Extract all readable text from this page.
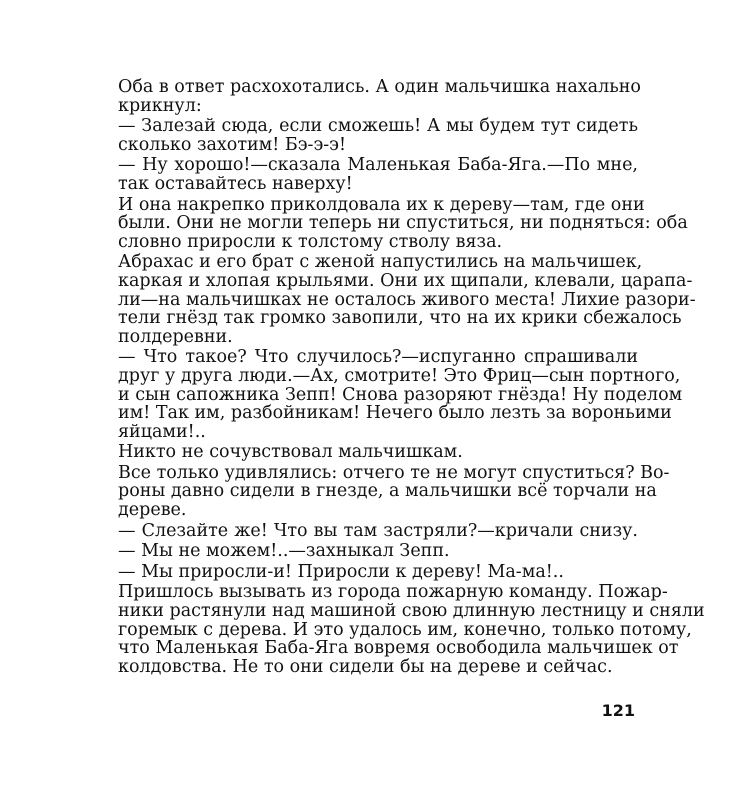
Оба в ответ расхохотались. А один мальчишка нахально
крикнул:
— Залезай сюда, если сможешь! А мы будем тут сидеть
сколько захотим! Бэ-э-э!
— Ну хорошо!—сказала Маленькая Баба-Яга.—По мне,
так оставайтесь наверху!
И она накрепко приколдовала их к дереву—там, где они
были. Они не могли теперь ни спуститься, ни подняться: оба
словно приросли к толстому стволу вяза.
Абрахас и его брат с женой напустились на мальчишек,
каркая и хлопая крыльями. Они их щипали, клевали, царапа-
ли—на мальчишках не осталось живого места! Лихие разори-
тели гнёзд так громко завопили, что на их крики сбежалось
полдеревни.
— Что такое? Что случилось?—испуганно спрашивали
друг у друга люди.—Ах, смотрите! Это Фриц—сын портного,
и сын сапожника Зепп! Снова разоряют гнёзда! Ну поделом
им! Так им, разбойникам! Нечего было лезть за вороньими
яйцами!..
Никто не сочувствовал мальчишкам.
Все только удивлялись: отчего те не могут спуститься? Во-
роны давно сидели в гнезде, а мальчишки всё торчали на
дереве.
— Слезайте же! Что вы там застряли?—кричали снизу.
— Мы не можем!..—захныкал Зепп.
— Мы приросли-и! Приросли к дереву! Ма-ма!..
Пришлось вызывать из города пожарную команду. Пожар-
ники растянули над машиной свою длинную лестницу и сняли
горемык с дерева. И это удалось им, конечно, только потому,
что Маленькая Баба-Яга вовремя освободила мальчишек от
колдовства. Не то они сидели бы на дереве и сейчас.
121
